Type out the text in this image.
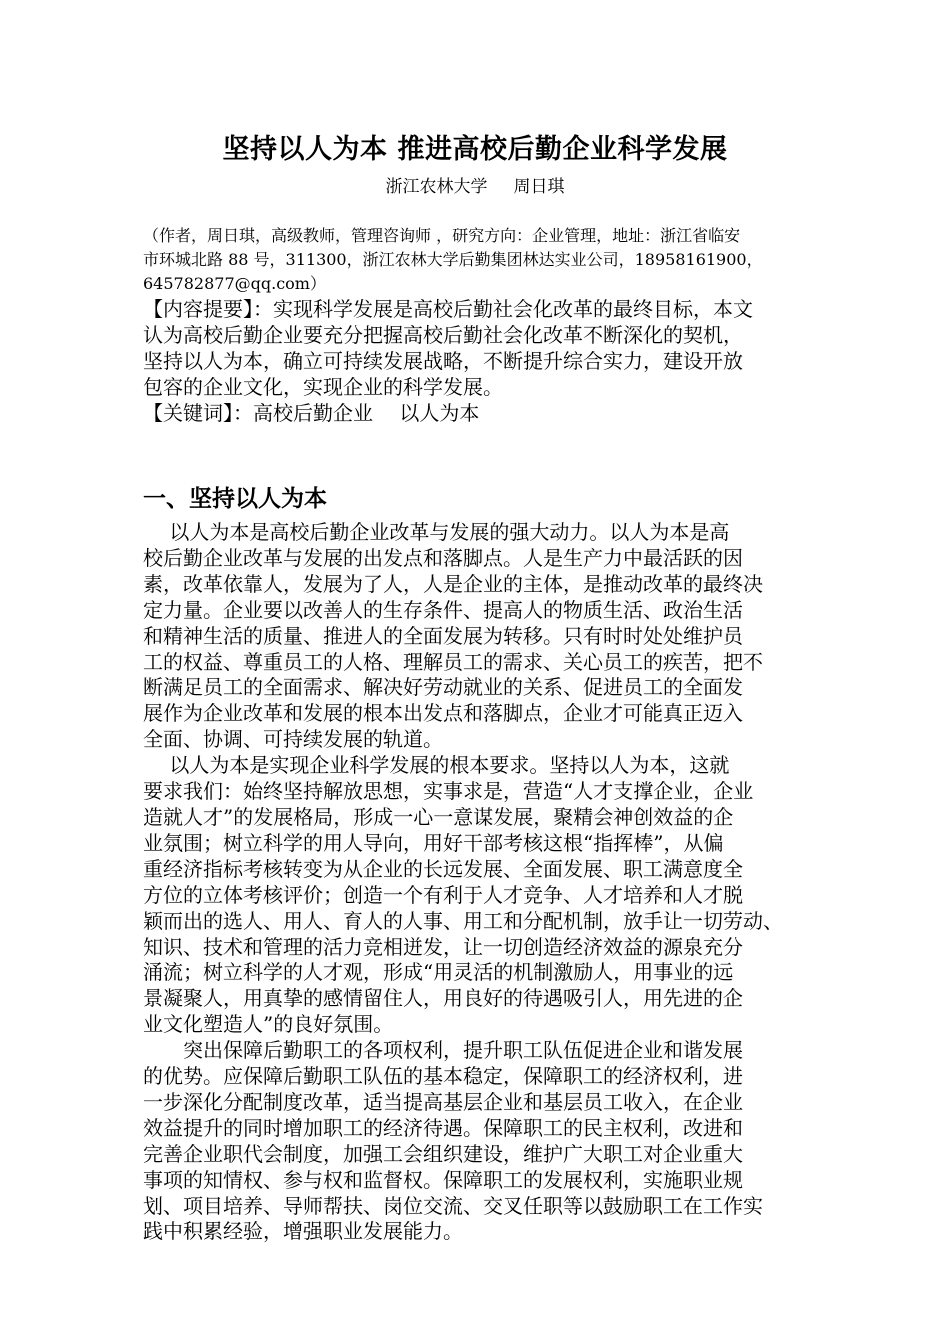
坚持以人为本 推进高校后勤企业科学发展
浙江农林大学 周日琪
（作者，周日琪，高级教师，管理咨询师 ，研究方向：企业管理，地址：浙江省临安
市环城北路 88 号，311300，浙江农林大学后勤集团林达实业公司，18958161900，
645782877@qq.com）
【内容提要】：实现科学发展是高校后勤社会化改革的最终目标，本文
认为高校后勤企业要充分把握高校后勤社会化改革不断深化的契机，
坚持以人为本，确立可持续发展战略，不断提升综合实力，建设开放
包容的企业文化，实现企业的科学发展。
【关键词】：高校后勤企业　 以人为本
一、坚持以人为本
　 以人为本是高校后勤企业改革与发展的强大动力。以人为本是高
校后勤企业改革与发展的出发点和落脚点。人是生产力中最活跃的因
素，改革依靠人，发展为了人，人是企业的主体，是推动改革的最终决
定力量。企业要以改善人的生存条件、提高人的物质生活、政治生活
和精神生活的质量、推进人的全面发展为转移。只有时时处处维护员
工的权益、尊重员工的人格、理解员工的需求、关心员工的疾苦，把不
断满足员工的全面需求、解决好劳动就业的关系、促进员工的全面发
展作为企业改革和发展的根本出发点和落脚点，企业才可能真正迈入
全面、协调、可持续发展的轨道。
　 以人为本是实现企业科学发展的根本要求。坚持以人为本，这就
要求我们：始终坚持解放思想，实事求是，营造“人才支撑企业，企业
造就人才”的发展格局，形成一心一意谋发展，聚精会神创效益的企
业氛围；树立科学的用人导向，用好干部考核这根“指挥棒”，从偏
重经济指标考核转变为从企业的长远发展、全面发展、职工满意度全
方位的立体考核评价；创造一个有利于人才竞争、人才培养和人才脱
颖而出的选人、用人、育人的人事、用工和分配机制，放手让一切劳动、
知识、技术和管理的活力竞相迸发，让一切创造经济效益的源泉充分
涌流；树立科学的人才观，形成“用灵活的机制激励人，用事业的远
景凝聚人，用真挚的感情留住人，用良好的待遇吸引人，用先进的企
业文化塑造人”的良好氛围。
　　突出保障后勤职工的各项权利，提升职工队伍促进企业和谐发展
的优势。应保障后勤职工队伍的基本稳定，保障职工的经济权利，进
一步深化分配制度改革，适当提高基层企业和基层员工收入，在企业
效益提升的同时增加职工的经济待遇。保障职工的民主权利，改进和
完善企业职代会制度，加强工会组织建设，维护广大职工对企业重大
事项的知情权、参与权和监督权。保障职工的发展权利，实施职业规
划、项目培养、导师帮扶、岗位交流、交叉任职等以鼓励职工在工作实
践中积累经验，增强职业发展能力。
